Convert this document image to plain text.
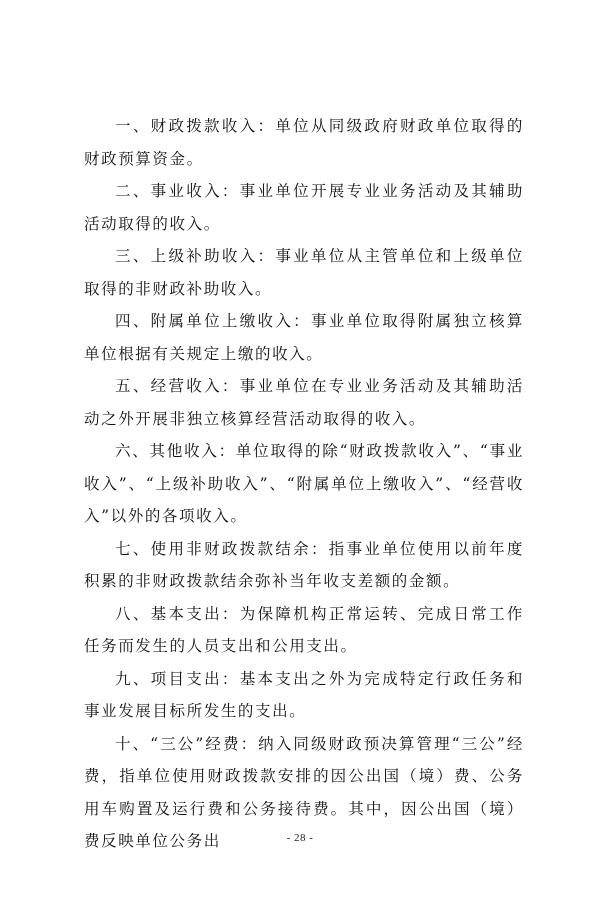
一、财政拨款收入：单位从同级政府财政单位取得的财政预算资金。

二、事业收入：事业单位开展专业业务活动及其辅助活动取得的收入。

三、上级补助收入：事业单位从主管单位和上级单位取得的非财政补助收入。

四、附属单位上缴收入：事业单位取得附属独立核算单位根据有关规定上缴的收入。

五、经营收入：事业单位在专业业务活动及其辅助活动之外开展非独立核算经营活动取得的收入。

六、其他收入：单位取得的除“财政拨款收入”、“事业收入”、“上级补助收入”、“附属单位上缴收入”、“经营收入”以外的各项收入。

七、使用非财政拨款结余：指事业单位使用以前年度积累的非财政拨款结余弥补当年收支差额的金额。

八、基本支出：为保障机构正常运转、完成日常工作任务而发生的人员支出和公用支出。

九、项目支出：基本支出之外为完成特定行政任务和事业发展目标所发生的支出。

十、“三公”经费：纳入同级财政预决算管理“三公”经费，指单位使用财政拨款安排的因公出国（境）费、公务用车购置及运行费和公务接待费。其中，因公出国（境）费反映单位公务出	- 28 -
